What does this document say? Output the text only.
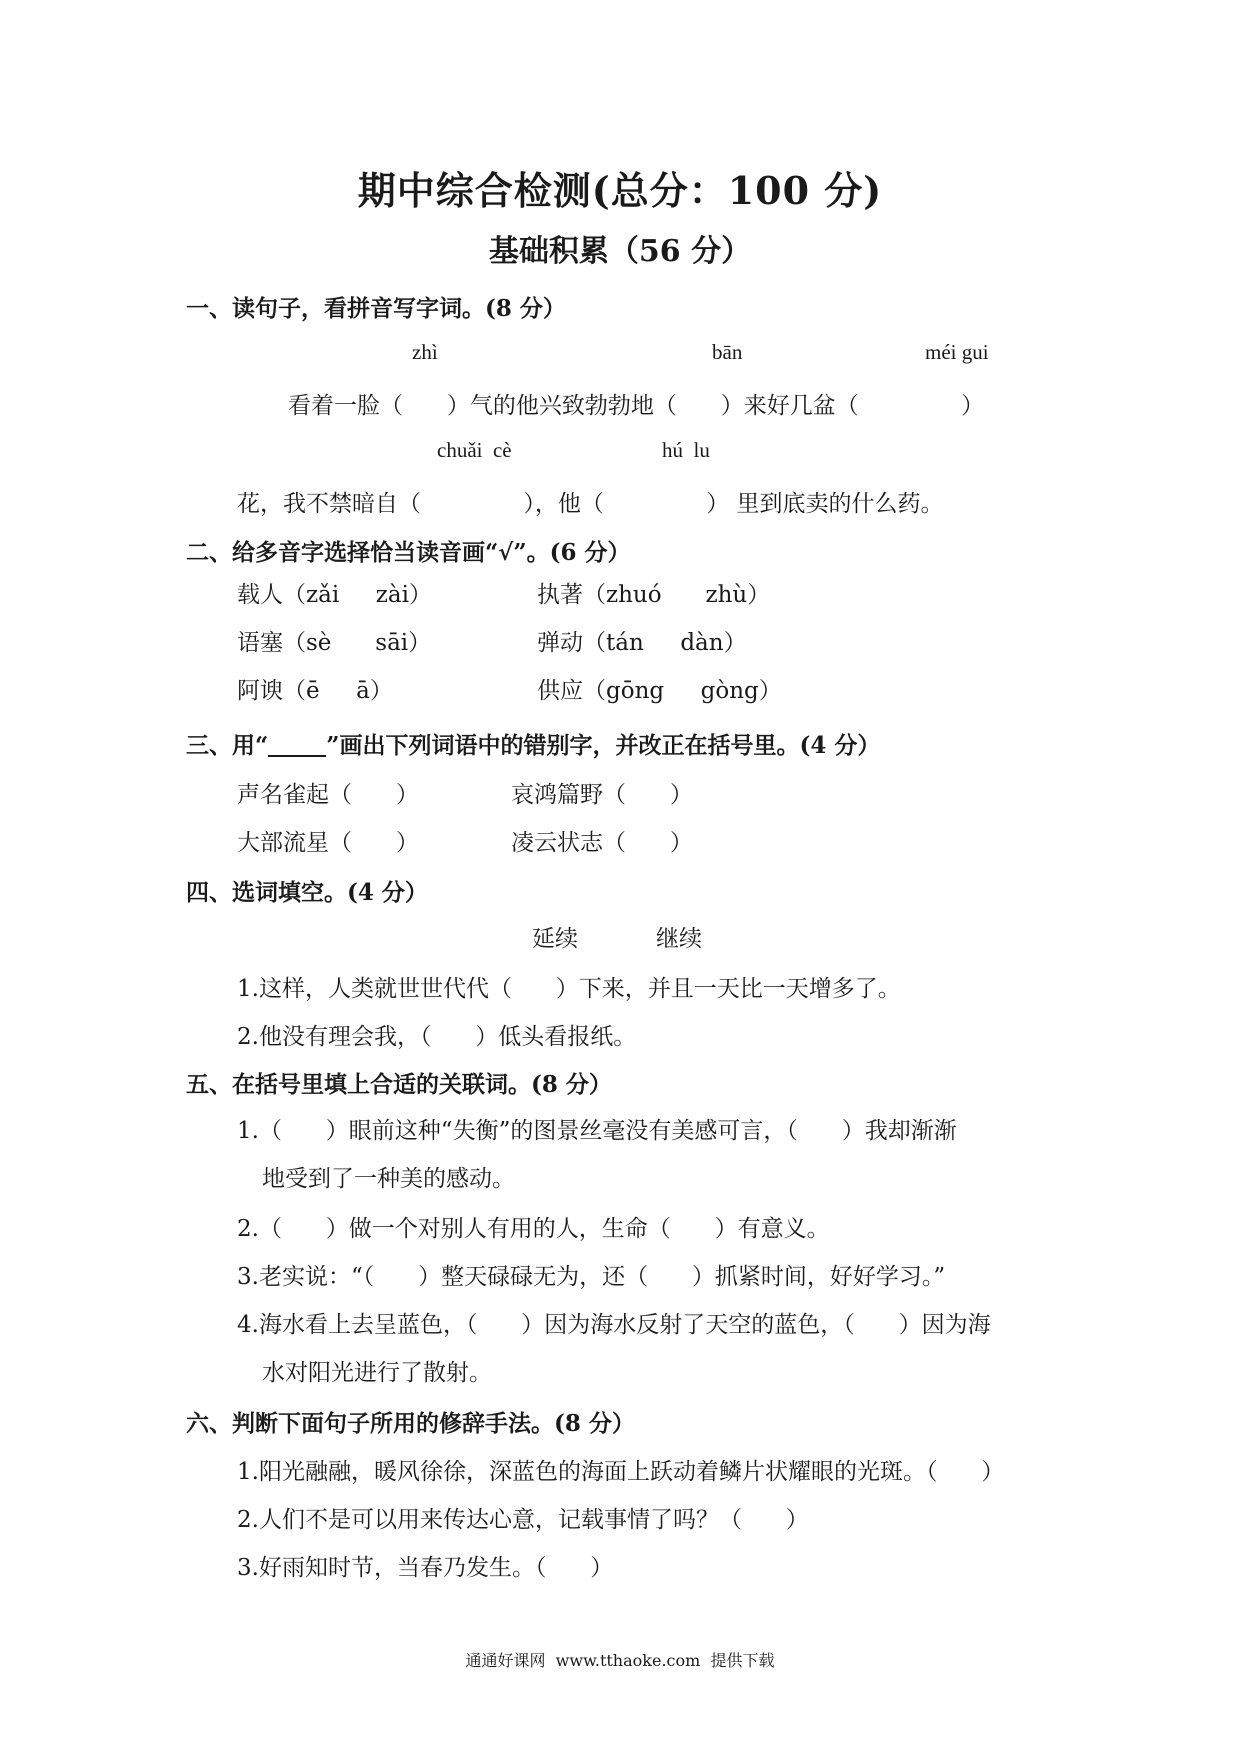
期中综合检测(总分：100 分)
基础积累（56 分）
一、读句子，看拼音写字词。(8 分）
zhì	bān	méi gui
看着一脸（      ）气的他兴致勃勃地（      ）来好几盆（              ）
chuǎi  cè	hú  lu
花，我不禁暗自（              ），他（              ） 里到底卖的什么药。
二、给多音字选择恰当读音画“√”。(6 分）
载人（zǎi     zài）	执著（zhuó      zhù）
语塞（sè      sāi）	弹动（tán     dàn）
阿谀（ē     ā）	供应（gōng     gòng）
三、用“	”画出下列词语中的错别字，并改正在括号里。(4 分）
声名雀起（      ）	哀鸿篇野（      ）
大部流星（      ）	凌云状志（      ）
四、选词填空。(4 分）
延续	继续
1.这样，人类就世世代代（      ）下来，并且一天比一天增多了。
2.他没有理会我，（      ）低头看报纸。
五、在括号里填上合适的关联词。(8 分）
1.（      ）眼前这种“失衡”的图景丝毫没有美感可言，（      ）我却渐渐
地受到了一种美的感动。
2.（      ）做一个对别人有用的人，生命（      ）有意义。
3.老实说：“（      ）整天碌碌无为，还（      ）抓紧时间，好好学习。”
4.海水看上去呈蓝色，（      ）因为海水反射了天空的蓝色，（      ）因为海
水对阳光进行了散射。
六、判断下面句子所用的修辞手法。(8 分）
1.阳光融融，暖风徐徐，深蓝色的海面上跃动着鳞片状耀眼的光斑。（      ）
2.人们不是可以用来传达心意，记载事情了吗？（      ）
3.好雨知时节，当春乃发生。（      ）
通通好课网  www.tthaoke.com  提供下载
